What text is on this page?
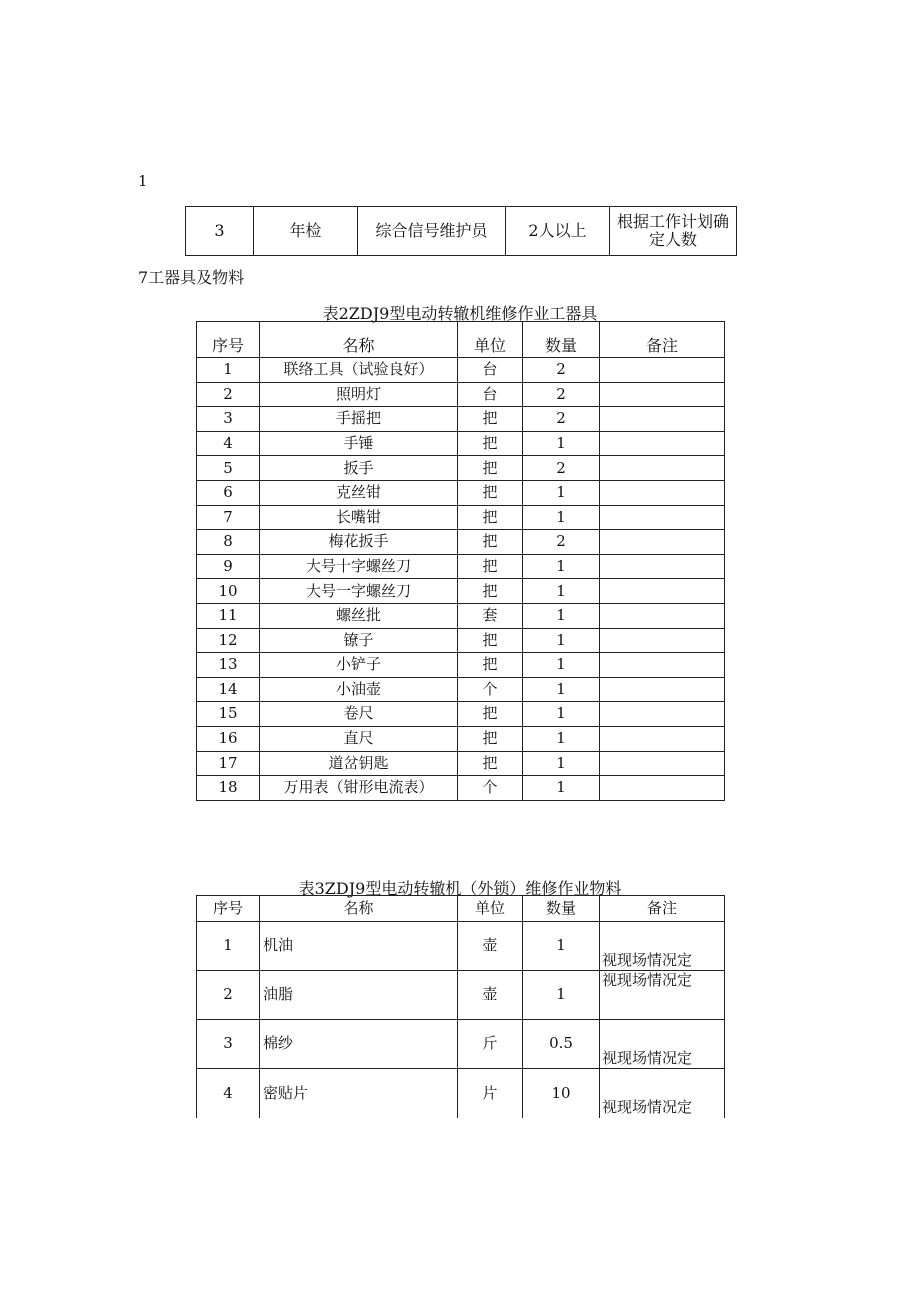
1
3	年检	综合信号维护员	2人以上	根据工作计划确定人数
7工器具及物料
表2ZDJ9型电动转辙机维修作业工器具
序号	名称	单位	数量	备注
1	联络工具（试验良好）	台	2	
2	照明灯	台	2	
3	手摇把	把	2	
4	手锤	把	1	
5	扳手	把	2	
6	克丝钳	把	1	
7	长嘴钳	把	1	
8	梅花扳手	把	2	
9	大号十字螺丝刀	把	1	
10	大号一字螺丝刀	把	1	
11	螺丝批	套	1	
12	镣子	把	1	
13	小铲子	把	1	
14	小油壶	个	1	
15	卷尺	把	1	
16	直尺	把	1	
17	道岔钥匙	把	1	
18	万用表（钳形电流表）	个	1	
表3ZDJ9型电动转辙机（外锁）维修作业物料
序号	名称	单位	数量	备注
1	机油	壶	1	视现场情况定
2	油脂	壶	1	视现场情况定
3	棉纱	斤	0.5	视现场情况定
4	密贴片	片	10	视现场情况定
